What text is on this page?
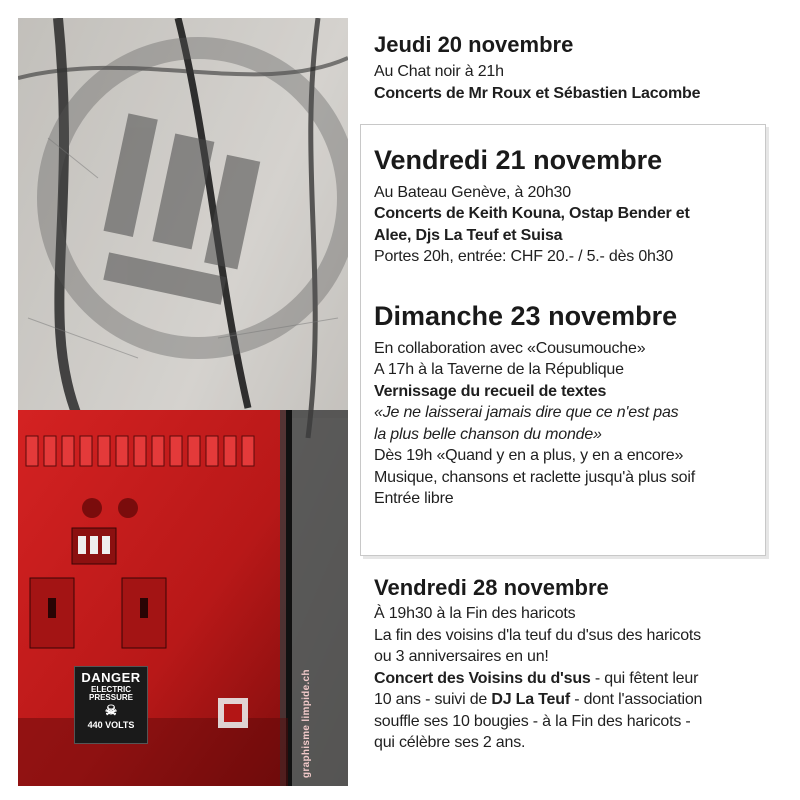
DANGER
ELECTRIC PRESSURE
☠
440 VOLTS	graphisme limpide.ch
Jeudi 20 novembre
Au Chat noir à 21h
Concerts de Mr Roux et Sébastien Lacombe
Vendredi 21 novembre
Au Bateau Genève, à 20h30
Concerts de Keith Kouna, Ostap Bender et
Alee, Djs La Teuf et Suisa
Portes 20h, entrée: CHF 20.- / 5.- dès 0h30
Dimanche 23 novembre
En collaboration avec «Cousumouche»
A 17h à la Taverne de la République
Vernissage du recueil de textes
«Je ne laisserai jamais dire que ce n'est pas
la plus belle chanson du monde»
Dès 19h «Quand y en a plus, y en a encore»
Musique, chansons et raclette jusqu'à plus soif
Entrée libre
Vendredi 28 novembre
À 19h30 à la Fin des haricots
La fin des voisins d'la teuf du d'sus des haricots
ou 3 anniversaires en un!
Concert des Voisins du d'sus - qui fêtent leur
10 ans - suivi de DJ La Teuf - dont l'association
souffle ses 10 bougies - à la Fin des haricots -
qui célèbre ses 2 ans.
